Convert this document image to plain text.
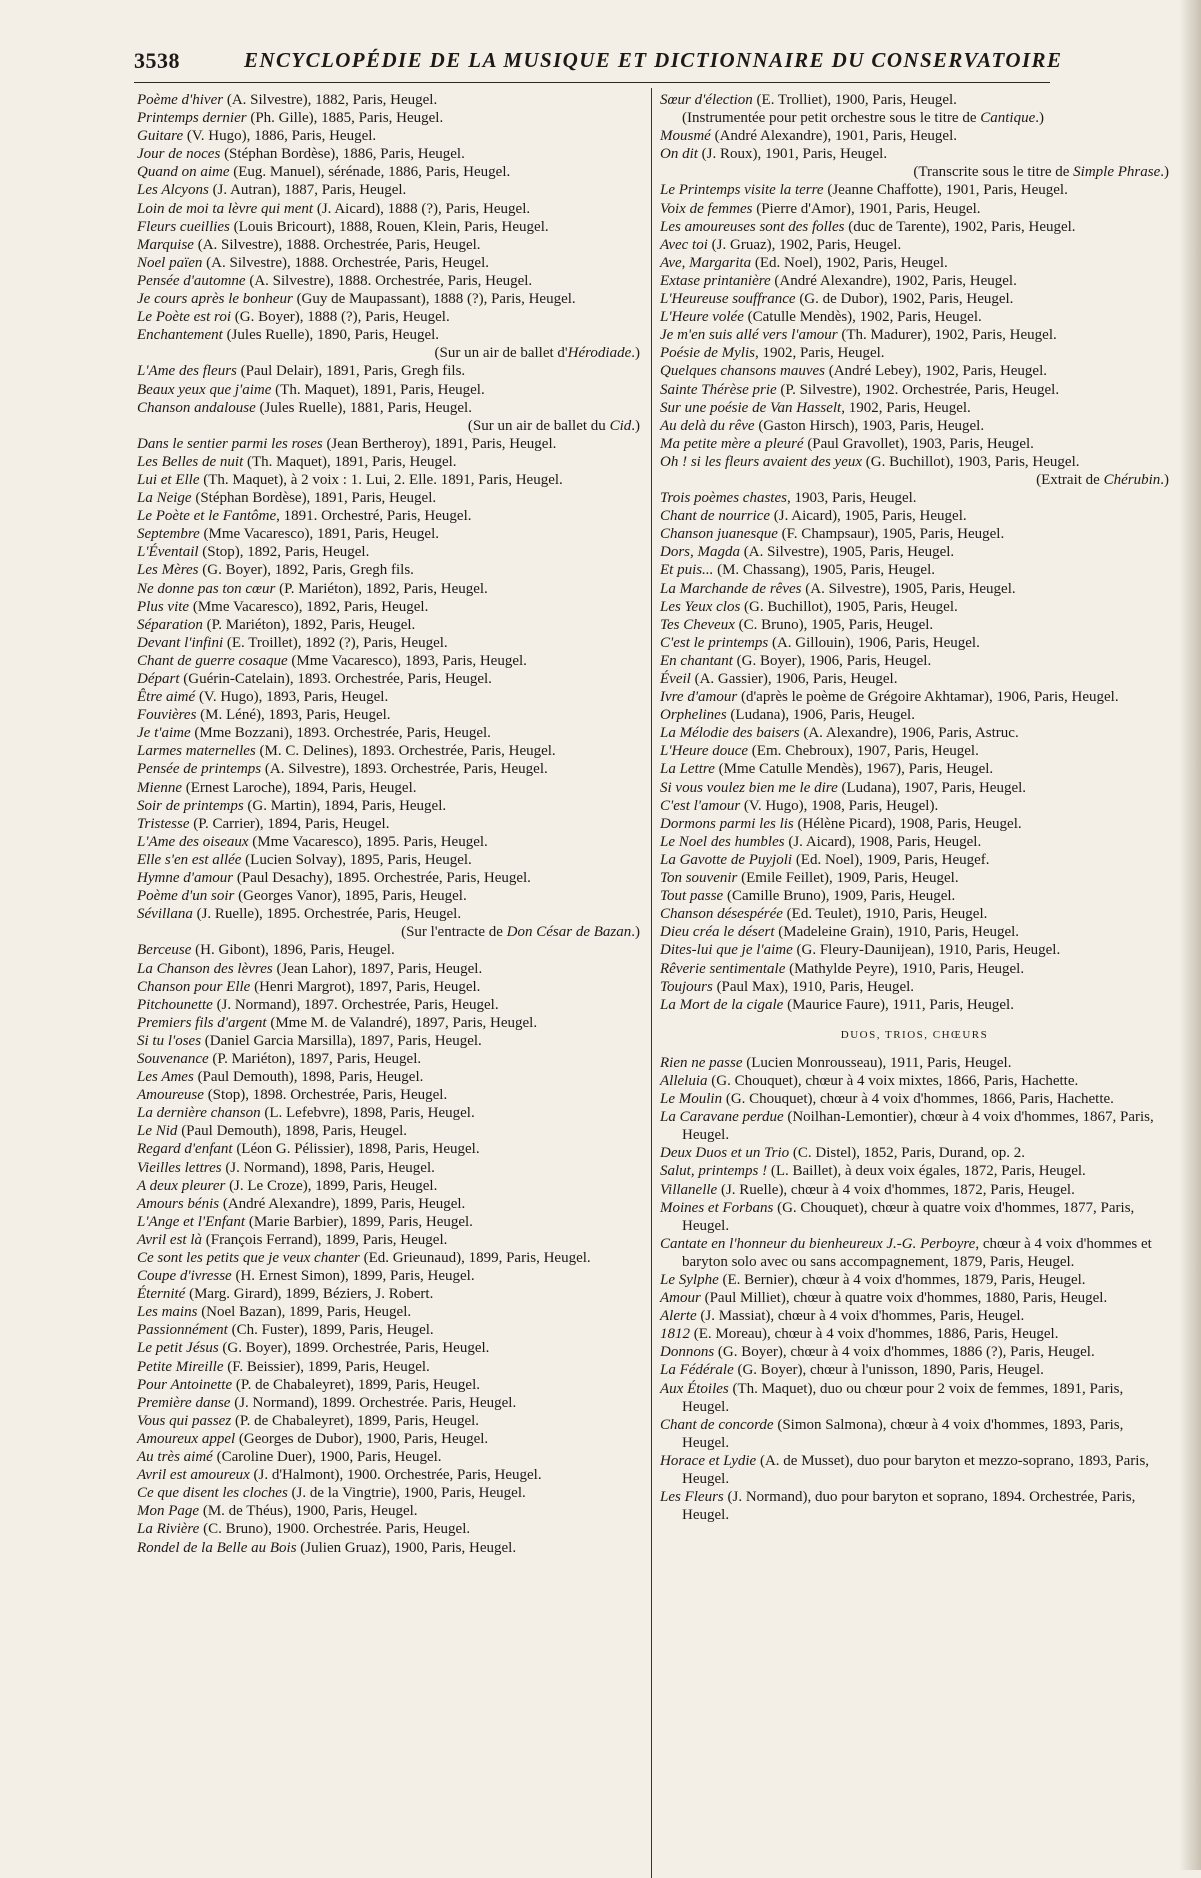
3538	ENCYCLOPÉDIE DE LA MUSIQUE ET DICTIONNAIRE DU CONSERVATOIRE

Poème d'hiver (A. Silvestre), 1882, Paris, Heugel.

Printemps dernier (Ph. Gille), 1885, Paris, Heugel.

Guitare (V. Hugo), 1886, Paris, Heugel.

Jour de noces (Stéphan Bordèse), 1886, Paris, Heugel.

Quand on aime (Eug. Manuel), sérénade, 1886, Paris, Heugel.

Les Alcyons (J. Autran), 1887, Paris, Heugel.

Loin de moi ta lèvre qui ment (J. Aicard), 1888 (?), Paris, Heugel.

Fleurs cueillies (Louis Bricourt), 1888, Rouen, Klein, Paris, Heugel.

Marquise (A. Silvestre), 1888. Orchestrée, Paris, Heugel.

Noel païen (A. Silvestre), 1888. Orchestrée, Paris, Heugel.

Pensée d'automne (A. Silvestre), 1888. Orchestrée, Paris, Heugel.

Je cours après le bonheur (Guy de Maupassant), 1888 (?), Paris, Heugel.

Le Poète est roi (G. Boyer), 1888 (?), Paris, Heugel.

Enchantement (Jules Ruelle), 1890, Paris, Heugel.

(Sur un air de ballet d'Hérodiade.)

L'Ame des fleurs (Paul Delair), 1891, Paris, Gregh fils.

Beaux yeux que j'aime (Th. Maquet), 1891, Paris, Heugel.

Chanson andalouse (Jules Ruelle), 1881, Paris, Heugel.

(Sur un air de ballet du Cid.)

Dans le sentier parmi les roses (Jean Bertheroy), 1891, Paris, Heugel.

Les Belles de nuit (Th. Maquet), 1891, Paris, Heugel.

Lui et Elle (Th. Maquet), à 2 voix : 1. Lui, 2. Elle. 1891, Paris, Heugel.

La Neige (Stéphan Bordèse), 1891, Paris, Heugel.

Le Poète et le Fantôme, 1891. Orchestré, Paris, Heugel.

Septembre (Mme Vacaresco), 1891, Paris, Heugel.

L'Éventail (Stop), 1892, Paris, Heugel.

Les Mères (G. Boyer), 1892, Paris, Gregh fils.

Ne donne pas ton cœur (P. Mariéton), 1892, Paris, Heugel.

Plus vite (Mme Vacaresco), 1892, Paris, Heugel.

Séparation (P. Mariéton), 1892, Paris, Heugel.

Devant l'infini (E. Troillet), 1892 (?), Paris, Heugel.

Chant de guerre cosaque (Mme Vacaresco), 1893, Paris, Heugel.

Départ (Guérin-Catelain), 1893. Orchestrée, Paris, Heugel.

Être aimé (V. Hugo), 1893, Paris, Heugel.

Fouvières (M. Léné), 1893, Paris, Heugel.

Je t'aime (Mme Bozzani), 1893. Orchestrée, Paris, Heugel.

Larmes maternelles (M. C. Delines), 1893. Orchestrée, Paris, Heugel.

Pensée de printemps (A. Silvestre), 1893. Orchestrée, Paris, Heugel.

Mienne (Ernest Laroche), 1894, Paris, Heugel.

Soir de printemps (G. Martin), 1894, Paris, Heugel.

Tristesse (P. Carrier), 1894, Paris, Heugel.

L'Ame des oiseaux (Mme Vacaresco), 1895. Paris, Heugel.

Elle s'en est allée (Lucien Solvay), 1895, Paris, Heugel.

Hymne d'amour (Paul Desachy), 1895. Orchestrée, Paris, Heugel.

Poème d'un soir (Georges Vanor), 1895, Paris, Heugel.

Sévillana (J. Ruelle), 1895. Orchestrée, Paris, Heugel.

(Sur l'entracte de Don César de Bazan.)

Berceuse (H. Gibont), 1896, Paris, Heugel.

La Chanson des lèvres (Jean Lahor), 1897, Paris, Heugel.

Chanson pour Elle (Henri Margrot), 1897, Paris, Heugel.

Pitchounette (J. Normand), 1897. Orchestrée, Paris, Heugel.

Premiers fils d'argent (Mme M. de Valandré), 1897, Paris, Heugel.

Si tu l'oses (Daniel Garcia Marsilla), 1897, Paris, Heugel.

Souvenance (P. Mariéton), 1897, Paris, Heugel.

Les Ames (Paul Demouth), 1898, Paris, Heugel.

Amoureuse (Stop), 1898. Orchestrée, Paris, Heugel.

La dernière chanson (L. Lefebvre), 1898, Paris, Heugel.

Le Nid (Paul Demouth), 1898, Paris, Heugel.

Regard d'enfant (Léon G. Pélissier), 1898, Paris, Heugel.

Vieilles lettres (J. Normand), 1898, Paris, Heugel.

A deux pleurer (J. Le Croze), 1899, Paris, Heugel.

Amours bénis (André Alexandre), 1899, Paris, Heugel.

L'Ange et l'Enfant (Marie Barbier), 1899, Paris, Heugel.

Avril est là (François Ferrand), 1899, Paris, Heugel.

Ce sont les petits que je veux chanter (Ed. Grieunaud), 1899, Paris, Heugel.

Coupe d'ivresse (H. Ernest Simon), 1899, Paris, Heugel.

Éternité (Marg. Girard), 1899, Béziers, J. Robert.

Les mains (Noel Bazan), 1899, Paris, Heugel.

Passionnément (Ch. Fuster), 1899, Paris, Heugel.

Le petit Jésus (G. Boyer), 1899. Orchestrée, Paris, Heugel.

Petite Mireille (F. Beissier), 1899, Paris, Heugel.

Pour Antoinette (P. de Chabaleyret), 1899, Paris, Heugel.

Première danse (J. Normand), 1899. Orchestrée. Paris, Heugel.

Vous qui passez (P. de Chabaleyret), 1899, Paris, Heugel.

Amoureux appel (Georges de Dubor), 1900, Paris, Heugel.

Au très aimé (Caroline Duer), 1900, Paris, Heugel.

Avril est amoureux (J. d'Halmont), 1900. Orchestrée, Paris, Heugel.

Ce que disent les cloches (J. de la Vingtrie), 1900, Paris, Heugel.

Mon Page (M. de Théus), 1900, Paris, Heugel.

La Rivière (C. Bruno), 1900. Orchestrée. Paris, Heugel.

Rondel de la Belle au Bois (Julien Gruaz), 1900, Paris, Heugel.

Sœur d'élection (E. Trolliet), 1900, Paris, Heugel.
(Instrumentée pour petit orchestre sous le titre de Cantique.)

Mousmé (André Alexandre), 1901, Paris, Heugel.

On dit (J. Roux), 1901, Paris, Heugel.

(Transcrite sous le titre de Simple Phrase.)

Le Printemps visite la terre (Jeanne Chaffotte), 1901, Paris, Heugel.

Voix de femmes (Pierre d'Amor), 1901, Paris, Heugel.

Les amoureuses sont des folles (duc de Tarente), 1902, Paris, Heugel.

Avec toi (J. Gruaz), 1902, Paris, Heugel.

Ave, Margarita (Ed. Noel), 1902, Paris, Heugel.

Extase printanière (André Alexandre), 1902, Paris, Heugel.

L'Heureuse souffrance (G. de Dubor), 1902, Paris, Heugel.

L'Heure volée (Catulle Mendès), 1902, Paris, Heugel.

Je m'en suis allé vers l'amour (Th. Madurer), 1902, Paris, Heugel.

Poésie de Mylis, 1902, Paris, Heugel.

Quelques chansons mauves (André Lebey), 1902, Paris, Heugel.

Sainte Thérèse prie (P. Silvestre), 1902. Orchestrée, Paris, Heugel.

Sur une poésie de Van Hasselt, 1902, Paris, Heugel.

Au delà du rêve (Gaston Hirsch), 1903, Paris, Heugel.

Ma petite mère a pleuré (Paul Gravollet), 1903, Paris, Heugel.

Oh ! si les fleurs avaient des yeux (G. Buchillot), 1903, Paris, Heugel.

(Extrait de Chérubin.)

Trois poèmes chastes, 1903, Paris, Heugel.

Chant de nourrice (J. Aicard), 1905, Paris, Heugel.

Chanson juanesque (F. Champsaur), 1905, Paris, Heugel.

Dors, Magda (A. Silvestre), 1905, Paris, Heugel.

Et puis... (M. Chassang), 1905, Paris, Heugel.

La Marchande de rêves (A. Silvestre), 1905, Paris, Heugel.

Les Yeux clos (G. Buchillot), 1905, Paris, Heugel.

Tes Cheveux (C. Bruno), 1905, Paris, Heugel.

C'est le printemps (A. Gillouin), 1906, Paris, Heugel.

En chantant (G. Boyer), 1906, Paris, Heugel.

Éveil (A. Gassier), 1906, Paris, Heugel.

Ivre d'amour (d'après le poème de Grégoire Akhtamar), 1906, Paris, Heugel.

Orphelines (Ludana), 1906, Paris, Heugel.

La Mélodie des baisers (A. Alexandre), 1906, Paris, Astruc.

L'Heure douce (Em. Chebroux), 1907, Paris, Heugel.

La Lettre (Mme Catulle Mendès), 1967), Paris, Heugel.

Si vous voulez bien me le dire (Ludana), 1907, Paris, Heugel.

C'est l'amour (V. Hugo), 1908, Paris, Heugel).

Dormons parmi les lis (Hélène Picard), 1908, Paris, Heugel.

Le Noel des humbles (J. Aicard), 1908, Paris, Heugel.

La Gavotte de Puyjoli (Ed. Noel), 1909, Paris, Heugef.

Ton souvenir (Emile Feillet), 1909, Paris, Heugel.

Tout passe (Camille Bruno), 1909, Paris, Heugel.

Chanson désespérée (Ed. Teulet), 1910, Paris, Heugel.

Dieu créa le désert (Madeleine Grain), 1910, Paris, Heugel.

Dites-lui que je l'aime (G. Fleury-Daunijean), 1910, Paris, Heugel.

Rêverie sentimentale (Mathylde Peyre), 1910, Paris, Heugel.

Toujours (Paul Max), 1910, Paris, Heugel.

La Mort de la cigale (Maurice Faure), 1911, Paris, Heugel.

DUOS, TRIOS, CHŒURS

Rien ne passe (Lucien Monrousseau), 1911, Paris, Heugel.

Alleluia (G. Chouquet), chœur à 4 voix mixtes, 1866, Paris, Hachette.

Le Moulin (G. Chouquet), chœur à 4 voix d'hommes, 1866, Paris, Hachette.

La Caravane perdue (Noilhan-Lemontier), chœur à 4 voix d'hommes, 1867, Paris, Heugel.

Deux Duos et un Trio (C. Distel), 1852, Paris, Durand, op. 2.

Salut, printemps ! (L. Baillet), à deux voix égales, 1872, Paris, Heugel.

Villanelle (J. Ruelle), chœur à 4 voix d'hommes, 1872, Paris, Heugel.

Moines et Forbans (G. Chouquet), chœur à quatre voix d'hommes, 1877, Paris, Heugel.

Cantate en l'honneur du bienheureux J.-G. Perboyre, chœur à 4 voix d'hommes et baryton solo avec ou sans accompagnement, 1879, Paris, Heugel.

Le Sylphe (E. Bernier), chœur à 4 voix d'hommes, 1879, Paris, Heugel.

Amour (Paul Milliet), chœur à quatre voix d'hommes, 1880, Paris, Heugel.

Alerte (J. Massiat), chœur à 4 voix d'hommes, Paris, Heugel.

1812 (E. Moreau), chœur à 4 voix d'hommes, 1886, Paris, Heugel.

Donnons (G. Boyer), chœur à 4 voix d'hommes, 1886 (?), Paris, Heugel.

La Fédérale (G. Boyer), chœur à l'unisson, 1890, Paris, Heugel.

Aux Étoiles (Th. Maquet), duo ou chœur pour 2 voix de femmes, 1891, Paris, Heugel.

Chant de concorde (Simon Salmona), chœur à 4 voix d'hommes, 1893, Paris, Heugel.

Horace et Lydie (A. de Musset), duo pour baryton et mezzo-soprano, 1893, Paris, Heugel.

Les Fleurs (J. Normand), duo pour baryton et soprano, 1894. Orchestrée, Paris, Heugel.
